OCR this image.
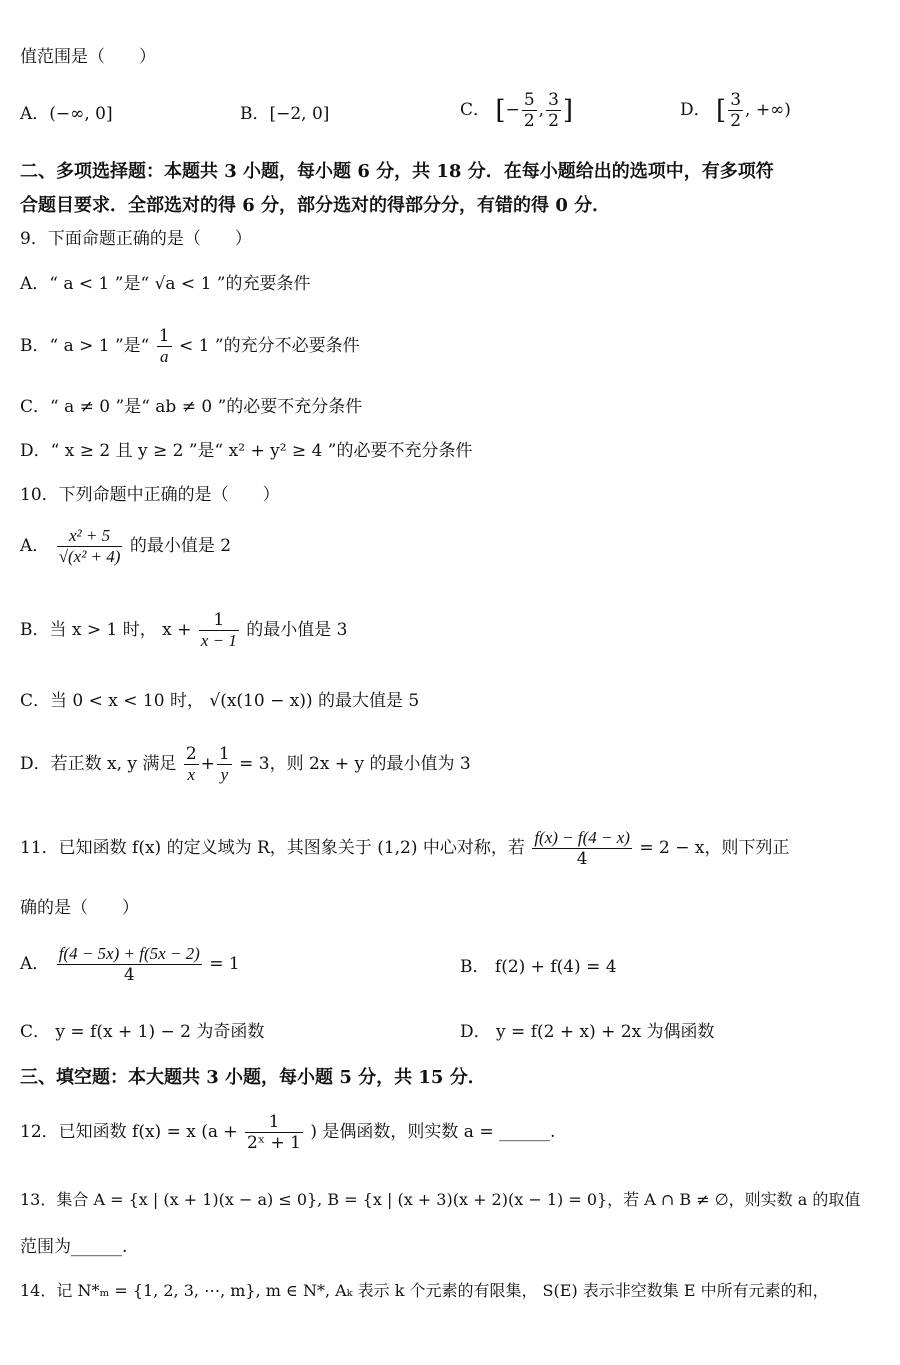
值范围是（　　）
A．(−∞, 0]	B．[−2, 0]	C． [− $\frac{5}{2}$ , $\frac{3}{2}$ ]	D． [ $\frac{3}{2}$ , +∞)
二、多项选择题：本题共 3 小题，每小题 6 分，共 18 分．在每小题给出的选项中，有多项符
合题目要求．全部选对的得 6 分，部分选对的得部分分，有错的得 0 分．
9．下面命题正确的是（　　）
A．“ a < 1 ”是“ √a < 1 ”的充要条件
B．“ a > 1 ”是“ $\frac{1}{a} < 1$ ”的充分不必要条件
C．“ a ≠ 0 ”是“ ab ≠ 0 ”的必要不充分条件
D．“ x ≥ 2 且 y ≥ 2 ”是“ x² + y² ≥ 4 ”的必要不充分条件
10．下列命题中正确的是（　　）
A． $\frac{\text{x² + 5}}{\text{√(x² + 4)}}$ 的最小值是 2
B．当 x > 1 时， $x + \frac{1}{x - 1}$ 的最小值是 3
C．当 0 < x < 10 时， √(x(10 − x)) 的最大值是 5
D．若正数 x, y 满足 $\frac{2}{x} + \frac{1}{y} = 3$，则 2x + y 的最小值为 3
11．已知函数 f(x) 的定义域为 R，其图象关于 (1,2) 中心对称，若 $\frac{f(x) - f(4 - x)}{4} = 2 - x$，则下列正
确的是（　　）
A． $\frac{f(4 - 5x) + f(5x - 2)}{4} = 1$	B． f(2) + f(4) = 4
C． y = f(x + 1) − 2 为奇函数	D． y = f(2 + x) + 2x 为偶函数
三、填空题：本大题共 3 小题，每小题 5 分，共 15 分．
12．已知函数 f(x) = x ($a + \frac{1}{\text{2ˣ + 1}}$ ) 是偶函数，则实数 a = ______.
13．集合 A = {x | (x + 1)(x − a) ≤ 0}, B = {x | (x + 3)(x + 2)(x − 1) = 0}，若 A ∩ B ≠ ∅，则实数 a 的取值
范围为______.
14．记 N*ₘ = {1, 2, 3, ⋯, m}, m ∈ N*, Aₖ 表示 k 个元素的有限集， S(E) 表示非空数集 E 中所有元素的和，
